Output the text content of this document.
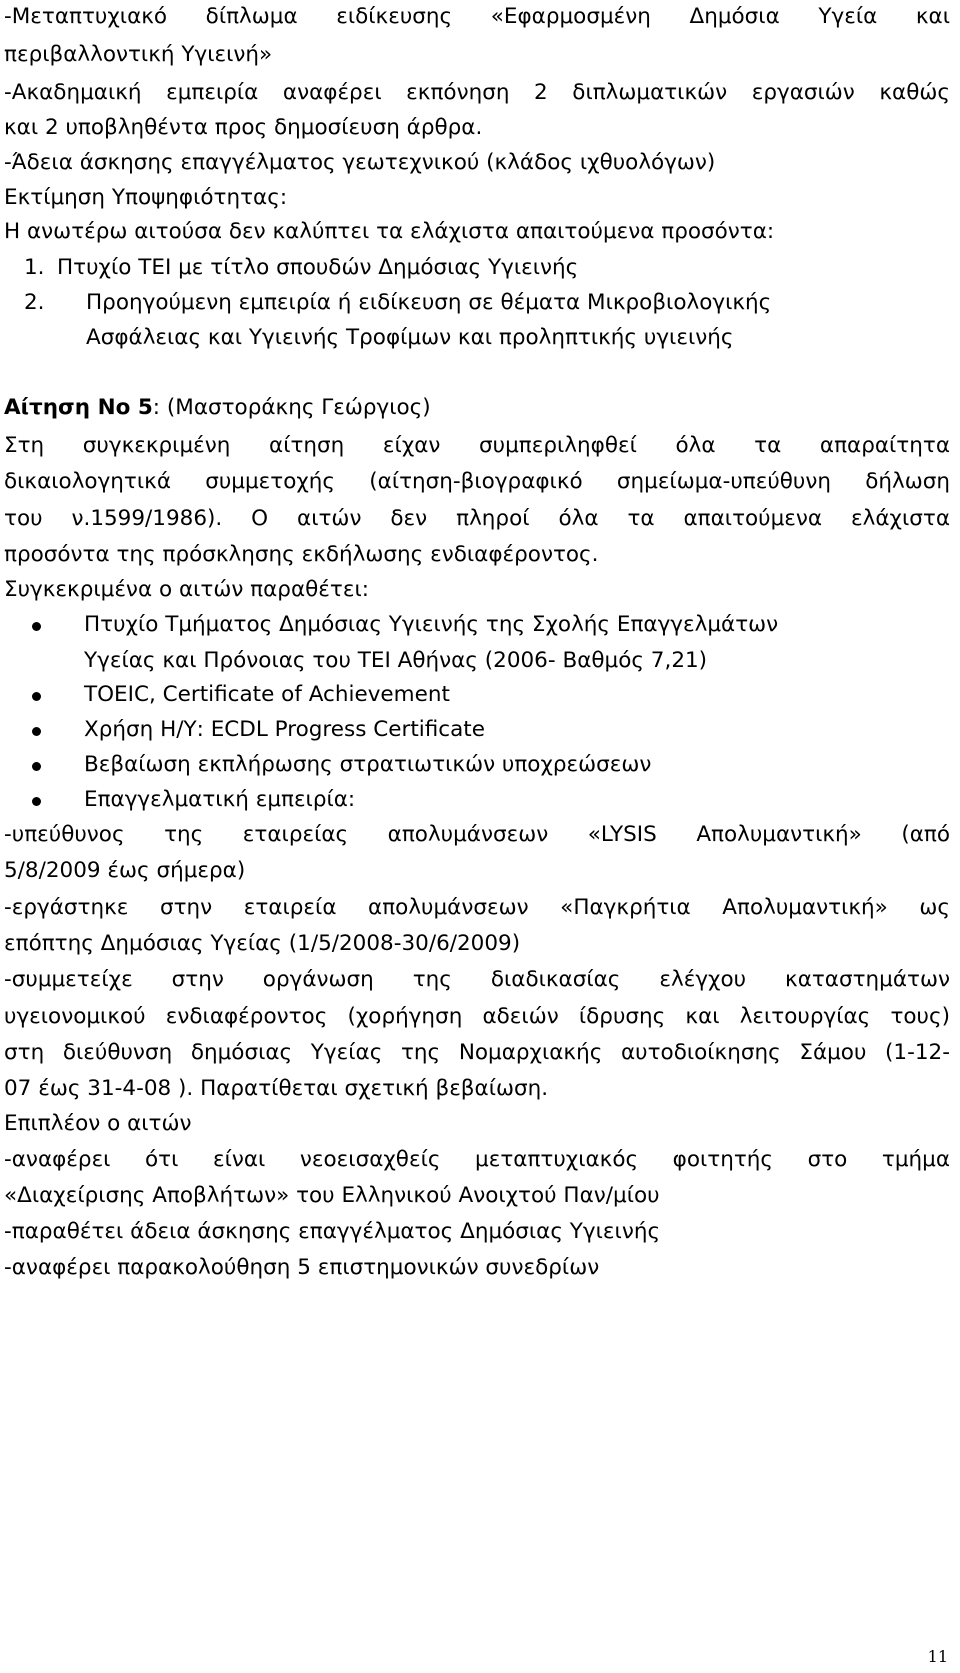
-Μεταπτυχιακό δίπλωμα ειδίκευσης «Εφαρμοσμένη Δημόσια Υγεία και
περιβαλλοντική Υγιεινή»
-Ακαδημαική εμπειρία αναφέρει εκπόνηση 2 διπλωματικών εργασιών καθώς
και 2 υποβληθέντα προς δημοσίευση άρθρα.
-Άδεια άσκησης επαγγέλματος γεωτεχνικού (κλάδος ιχθυολόγων)
Εκτίμηση Υποψηφιότητας:
Η ανωτέρω αιτούσα δεν καλύπτει τα ελάχιστα απαιτούμενα προσόντα:
1. Πτυχίο ΤΕΙ με τίτλο σπουδών Δημόσιας Υγιεινής
2. Προηγούμενη εμπειρία ή ειδίκευση σε θέματα Μικροβιολογικής
Ασφάλειας και Υγιεινής Τροφίμων και προληπτικής υγιεινής
Αίτηση Νο 5: (Μαστοράκης Γεώργιος)
Στη συγκεκριμένη αίτηση είχαν συμπεριληφθεί όλα τα απαραίτητα
δικαιολογητικά συμμετοχής (αίτηση-βιογραφικό σημείωμα-υπεύθυνη δήλωση
του ν.1599/1986). Ο αιτών δεν πληροί όλα τα απαιτούμενα ελάχιστα
προσόντα της πρόσκλησης εκδήλωσης ενδιαφέροντος.
Συγκεκριμένα ο αιτών παραθέτει:
Πτυχίο Τμήματος Δημόσιας Υγιεινής της Σχολής Επαγγελμάτων
Υγείας και Πρόνοιας του ΤΕΙ Αθήνας (2006- Βαθμός 7,21)
TOEIC, Certificate of Achievement
Χρήση Η/Υ: ECDL Progress Certificate
Βεβαίωση εκπλήρωσης στρατιωτικών υποχρεώσεων
Επαγγελματική εμπειρία:
-υπεύθυνος της εταιρείας απολυμάνσεων «LYSIS Απολυμαντική» (από
5/8/2009 έως σήμερα)
-εργάστηκε στην εταιρεία απολυμάνσεων «Παγκρήτια Απολυμαντική» ως
επόπτης Δημόσιας Υγείας (1/5/2008-30/6/2009)
-συμμετείχε στην οργάνωση της διαδικασίας ελέγχου καταστημάτων
υγειονομικού ενδιαφέροντος (χορήγηση αδειών ίδρυσης και λειτουργίας τους)
στη διεύθυνση δημόσιας Υγείας της Νομαρχιακής αυτοδιοίκησης Σάμου (1-12-
07 έως 31-4-08 ). Παρατίθεται σχετική βεβαίωση.
Επιπλέον ο αιτών
-αναφέρει ότι είναι νεοεισαχθείς μεταπτυχιακός φοιτητής στο τμήμα
«Διαχείρισης Αποβλήτων» του Ελληνικού Ανοιχτού Παν/μίου
-παραθέτει άδεια άσκησης επαγγέλματος Δημόσιας Υγιεινής
-αναφέρει παρακολούθηση 5 επιστημονικών συνεδρίων
11
